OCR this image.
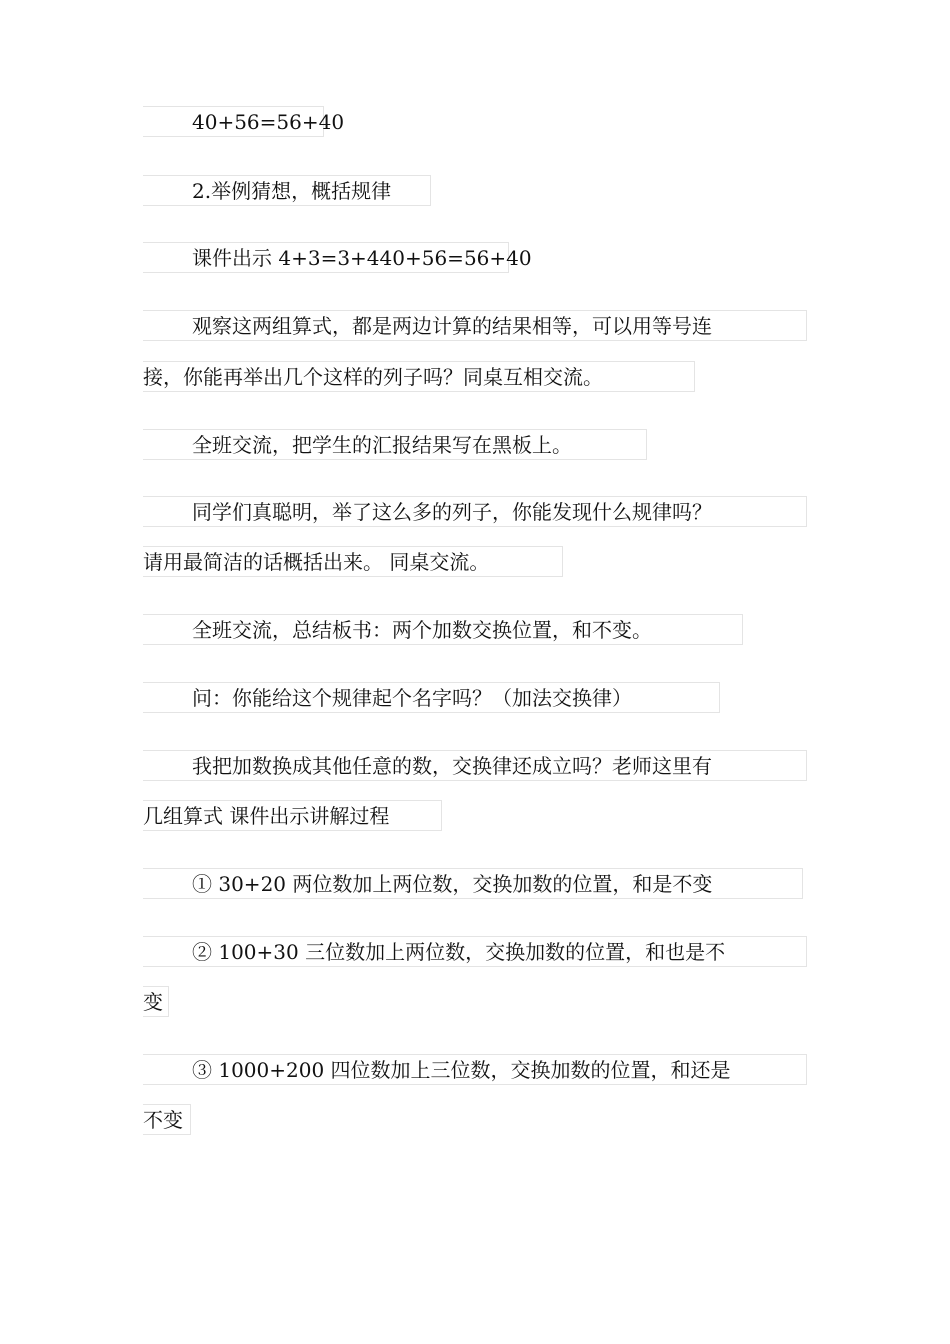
40+56=56+40
2.举例猜想，概括规律
课件出示 4+3=3+440+56=56+40
观察这两组算式，都是两边计算的结果相等，可以用等号连
接，你能再举出几个这样的列子吗？同桌互相交流。
全班交流，把学生的汇报结果写在黑板上。
同学们真聪明，举了这么多的列子，你能发现什么规律吗？
请用最简洁的话概括出来。 同桌交流。
全班交流，总结板书：两个加数交换位置，和不变。
问：你能给这个规律起个名字吗？（加法交换律）
我把加数换成其他任意的数，交换律还成立吗？老师这里有
几组算式 课件出示讲解过程
① 30+20 两位数加上两位数，交换加数的位置，和是不变
② 100+30 三位数加上两位数，交换加数的位置，和也是不
变
③ 1000+200 四位数加上三位数，交换加数的位置，和还是
不变
